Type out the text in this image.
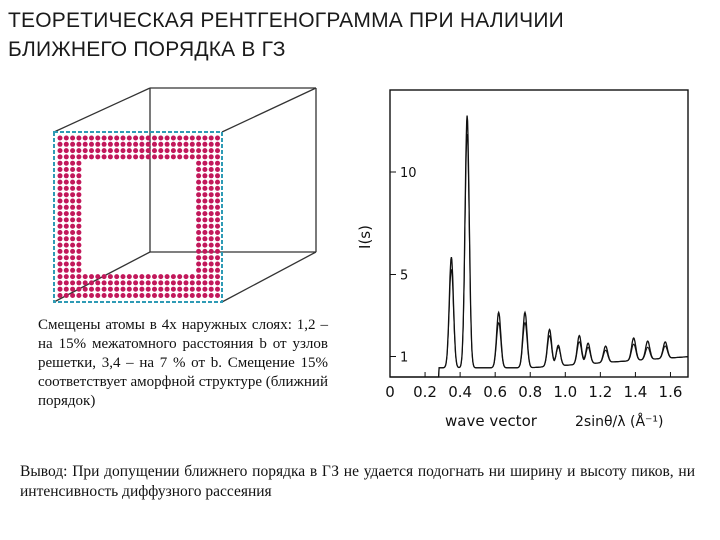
ТЕОРЕТИЧЕСКАЯ РЕНТГЕНОГРАММА ПРИ НАЛИЧИИ
БЛИЖНЕГО ПОРЯДКА В ГЗ
Смещены атомы в 4х наружных слоях: 1,2 – на 15% межатомного расстояния b от узлов решетки, 3,4 – на 7 % от b. Смещение 15% соответствует аморфной структуре (ближний порядок)
I(s)
1
5
10
0 0.2 0.4 0.6 0.8 1.0 1.2 1.4 1.6
wave vector	2sinθ/λ (Å⁻¹)
Вывод: При допущении ближнего порядка в ГЗ не удается подогнать ни ширину и высоту пиков, ни интенсивность диффузного рассеяния
